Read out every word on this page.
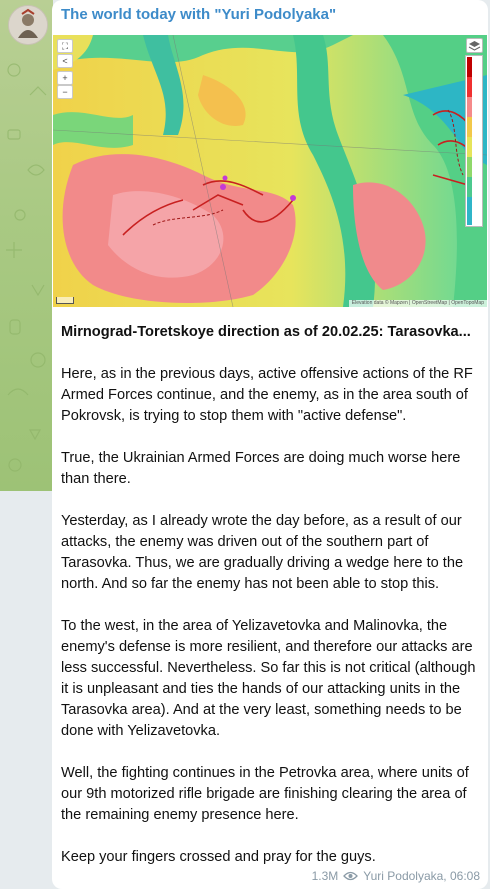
The world today with "Yuri Podolyaka"
⛶
<
+
−
Elevation data © Mapzen | OpenStreetMap | OpenTopoMap

Mirnograd-Toretskoye direction as of 20.02.25: Tarasovka...

Here, as in the previous days, active offensive actions of the RF Armed Forces continue, and the enemy, as in the area south of Pokrovsk, is trying to stop them with "active defense".

True, the Ukrainian Armed Forces are doing much worse here than there.

Yesterday, as I already wrote the day before, as a result of our attacks, the enemy was driven out of the southern part of Tarasovka. Thus, we are gradually driving a wedge here to the north. And so far the enemy has not been able to stop this.

To the west, in the area of Yelizavetovka and Malinovka, the enemy's defense is more resilient, and therefore our attacks are less successful. Nevertheless. So far this is not critical (although it is unpleasant and ties the hands of our attacking units in the Tarasovka area). And at the very least, something needs to be done with Yelizavetovka.

Well, the fighting continues in the Petrovka area, where units of our 9th motorized rifle brigade are finishing clearing the area of the remaining enemy presence here.

Keep your fingers crossed and pray for the guys.

1.3M Yuri Podolyaka, 06:08
